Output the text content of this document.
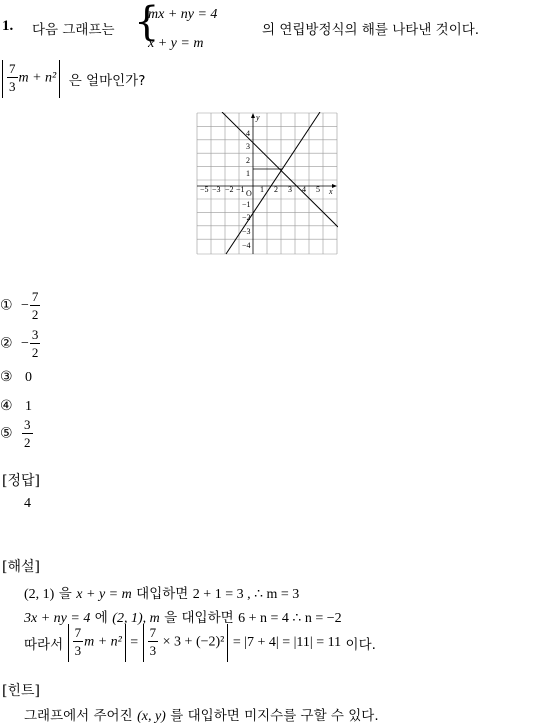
1. 다음 그래프는 {
mx + ny = 4
x + y = m
의 연립방정식의 해를 나타낸 것이다.
$\frac{7}{3}$ m + n² 은 얼마인가?
y
x
O
−5 −3 −2 −1 1 2 3 4 5
4
3
2
1
−1
−2
−3
−4
① − $\frac{7}{2}$
② − $\frac{3}{2}$
③ 0
④ 1
⑤ $\frac{3}{2}$
[정답]
4
[해설]
(2, 1) 을 x + y = m 대입하면 2 + 1 = 3 , ∴ m = 3
3x + ny = 4 에 (2, 1), m 을 대입하면 6 + n = 4 ∴ n = −2
따라서 $\frac{7}{3}$ $m + n^2 = \frac{7}{3} \times 3 + (-2)^2 = |7 + 4| = |11| = 11$ 이다.
[힌트]
그래프에서 주어진 (x, y) 를 대입하면 미지수를 구할 수 있다.
